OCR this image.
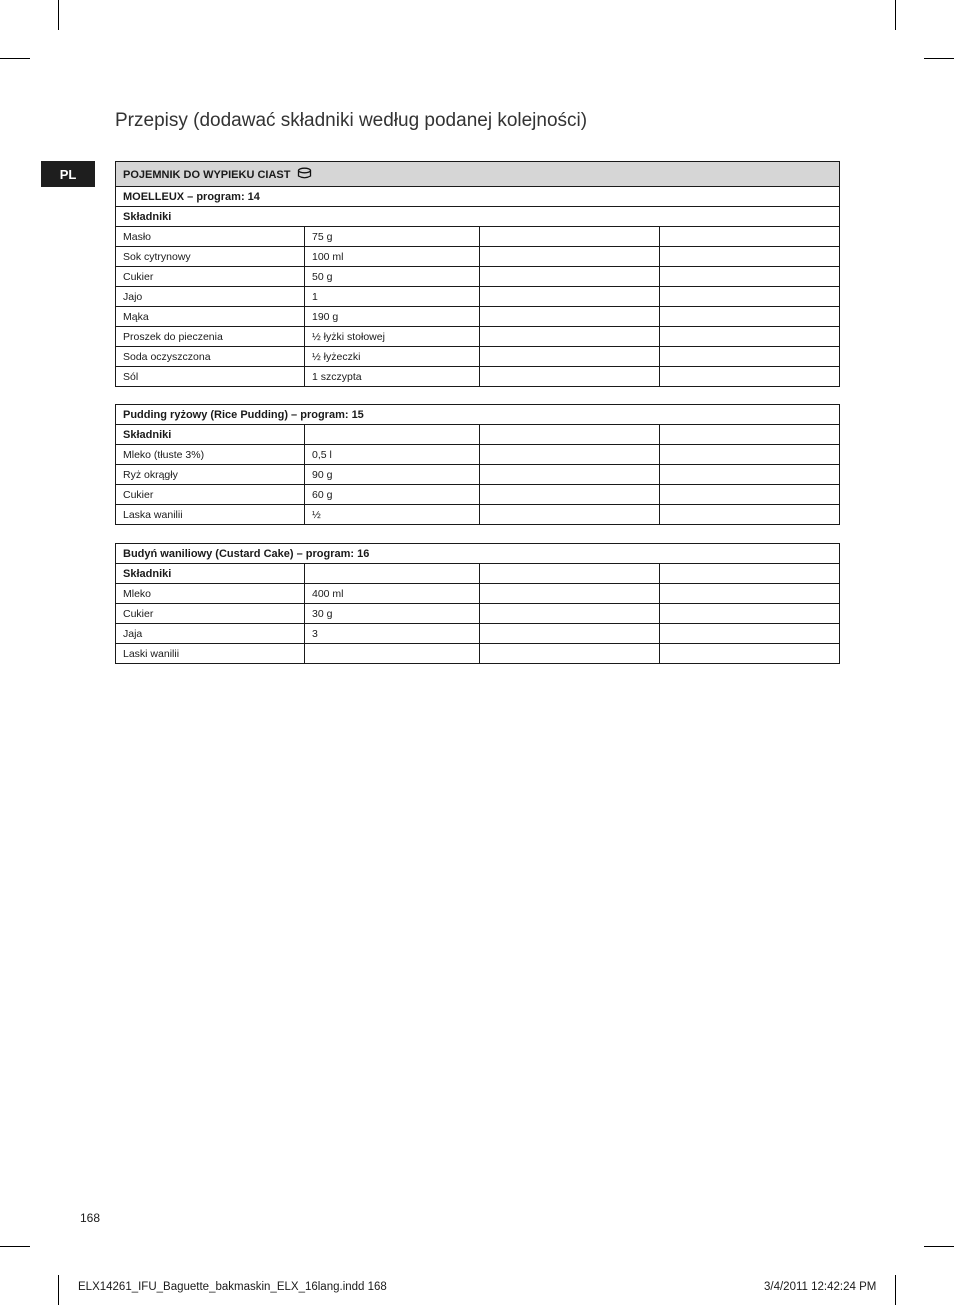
Przepisy (dodawać składniki według podanej kolejności)
PL	POJEMNIK DO WYPIEKU CIAST			
MOELLEUX – program: 14			
Składniki			
Masło	75 g		
Sok cytrynowy	100 ml		
Cukier	50 g		
Jajo	1		
Mąka	190 g		
Proszek do pieczenia	½ łyżki stołowej		
Soda oczyszczona	½ łyżeczki		
Sól	1 szczypta		
Pudding ryżowy (Rice Pudding) – program: 15			
Składniki			
Mleko (tłuste 3%)	0,5 l		
Ryż okrągły	90 g		
Cukier	60 g		
Laska wanilii	½		
Budyń waniliowy (Custard Cake) – program: 16			
Składniki			
Mleko	400 ml		
Cukier	30 g		
Jaja	3		
Laski wanilii			
168
ELX14261_IFU_Baguette_bakmaskin_ELX_16lang.indd 168	3/4/2011 12:42:24 PM
